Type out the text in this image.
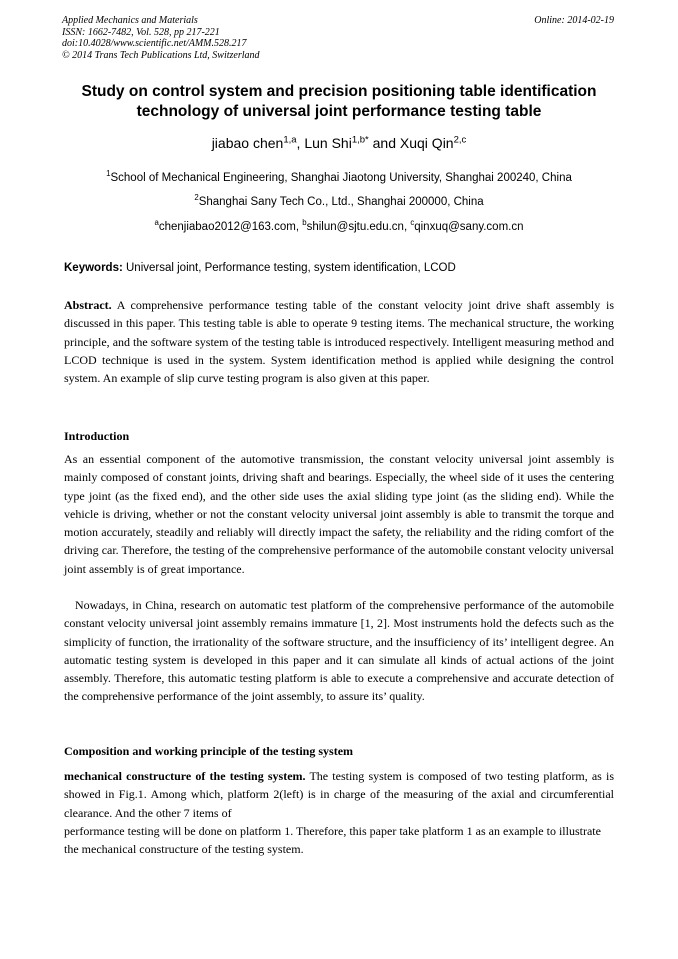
Applied Mechanics and Materials
ISSN: 1662-7482, Vol. 528, pp 217-221
doi:10.4028/www.scientific.net/AMM.528.217
© 2014 Trans Tech Publications Ltd, Switzerland
Online: 2014-02-19
Study on control system and precision positioning table identification technology of universal joint performance testing table
jiabao chen$^{1,a}$, Lun Shi$^{1,b*}$ and Xuqi Qin$^{2,c}$
$^1$School of Mechanical Engineering, Shanghai Jiaotong University, Shanghai 200240, China
$^2$Shanghai Sany Tech Co., Ltd., Shanghai 200000, China
$^a$chenjiabao2012@163.com, $^b$shilun@sjtu.edu.cn, $^c$qinxuq@sany.com.cn
Keywords: Universal joint, Performance testing, system identification, LCOD

Abstract. A comprehensive performance testing table of the constant velocity joint drive shaft assembly is discussed in this paper. This testing table is able to operate 9 testing items. The mechanical structure, the working principle, and the software system of the testing table is introduced respectively. Intelligent measuring method and LCOD technique is used in the system. System identification method is applied while designing the control system. An example of slip curve testing program is also given at this paper.

Introduction

As an essential component of the automotive transmission, the constant velocity universal joint assembly is mainly composed of constant joints, driving shaft and bearings. Especially, the wheel side of it uses the centering type joint (as the fixed end), and the other side uses the axial sliding type joint (as the sliding end). While the vehicle is driving, whether or not the constant velocity universal joint assembly is able to transmit the torque and motion accurately, steadily and reliably will directly impact the safety, the reliability and the riding comfort of the driving car. Therefore, the testing of the comprehensive performance of the automobile constant velocity universal joint assembly is of great importance.

Nowadays, in China, research on automatic test platform of the comprehensive performance of the automobile constant velocity universal joint assembly remains immature [1, 2]. Most instruments hold the defects such as the simplicity of function, the irrationality of the software structure, and the insufficiency of its’ intelligent degree. An automatic testing system is developed in this paper and it can simulate all kinds of actual actions of the joint assembly. Therefore, this automatic testing platform is able to execute a comprehensive and accurate detection of the comprehensive performance of the joint assembly, to assure its’ quality.

Composition and working principle of the testing system

mechanical constructure of the testing system. The testing system is composed of two testing platform, as is showed in Fig.1. Among which, platform 2(left) is in charge of the measuring of the axial and circumferential clearance. And the other 7 items of

performance testing will be done on platform 1. Therefore, this paper take platform 1 as an example to illustrate the mechanical constructure of the testing system.
